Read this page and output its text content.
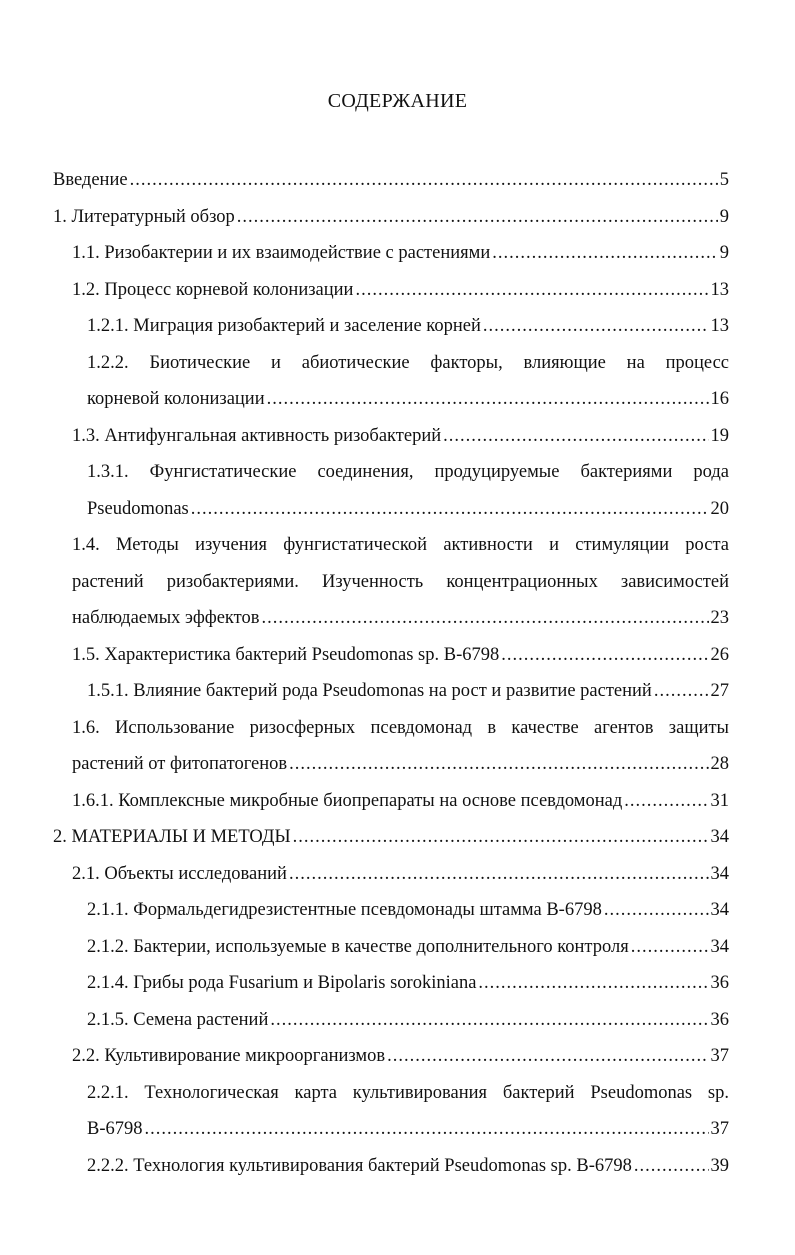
СОДЕРЖАНИЕ
Введение .....	5
1. Литературный обзор .....	9
1.1. Ризобактерии и их взаимодействие с растениями .....	9
1.2. Процесс корневой колонизации .....	13
1.2.1. Миграция ризобактерий и заселение корней .....	13
1.2.2. Биотические и абиотические факторы, влияющие на процесс
корневой колонизации .....	16
1.3. Антифунгальная активность ризобактерий .....	19
1.3.1. Фунгистатические соединения, продуцируемые бактериями рода
Pseudomonas .....	20
1.4. Методы изучения фунгистатической активности и стимуляции роста
растений ризобактериями. Изученность концентрационных зависимостей
наблюдаемых эффектов .....	23
1.5. Характеристика бактерий Pseudomonas sp. B-6798 .....	26
1.5.1. Влияние бактерий рода Pseudomonas на рост и развитие растений .....	27
1.6. Использование ризосферных псевдомонад в качестве агентов защиты
растений от фитопатогенов .....	28
1.6.1. Комплексные микробные биопрепараты на основе псевдомонад .....	31
2. МАТЕРИАЛЫ И МЕТОДЫ .....	34
2.1. Объекты исследований .....	34
2.1.1. Формальдегидрезистентные псевдомонады штамма B-6798 .....	34
2.1.2. Бактерии, используемые в качестве дополнительного контроля .....	34
2.1.4. Грибы рода Fusarium и Bipolaris sorokiniana .....	36
2.1.5. Семена растений .....	36
2.2. Культивирование микроорганизмов .....	37
2.2.1. Технологическая карта культивирования бактерий Pseudomonas sp.
B-6798 .....	37
2.2.2. Технология культивирования бактерий Pseudomonas sp. B-6798 .....	39
